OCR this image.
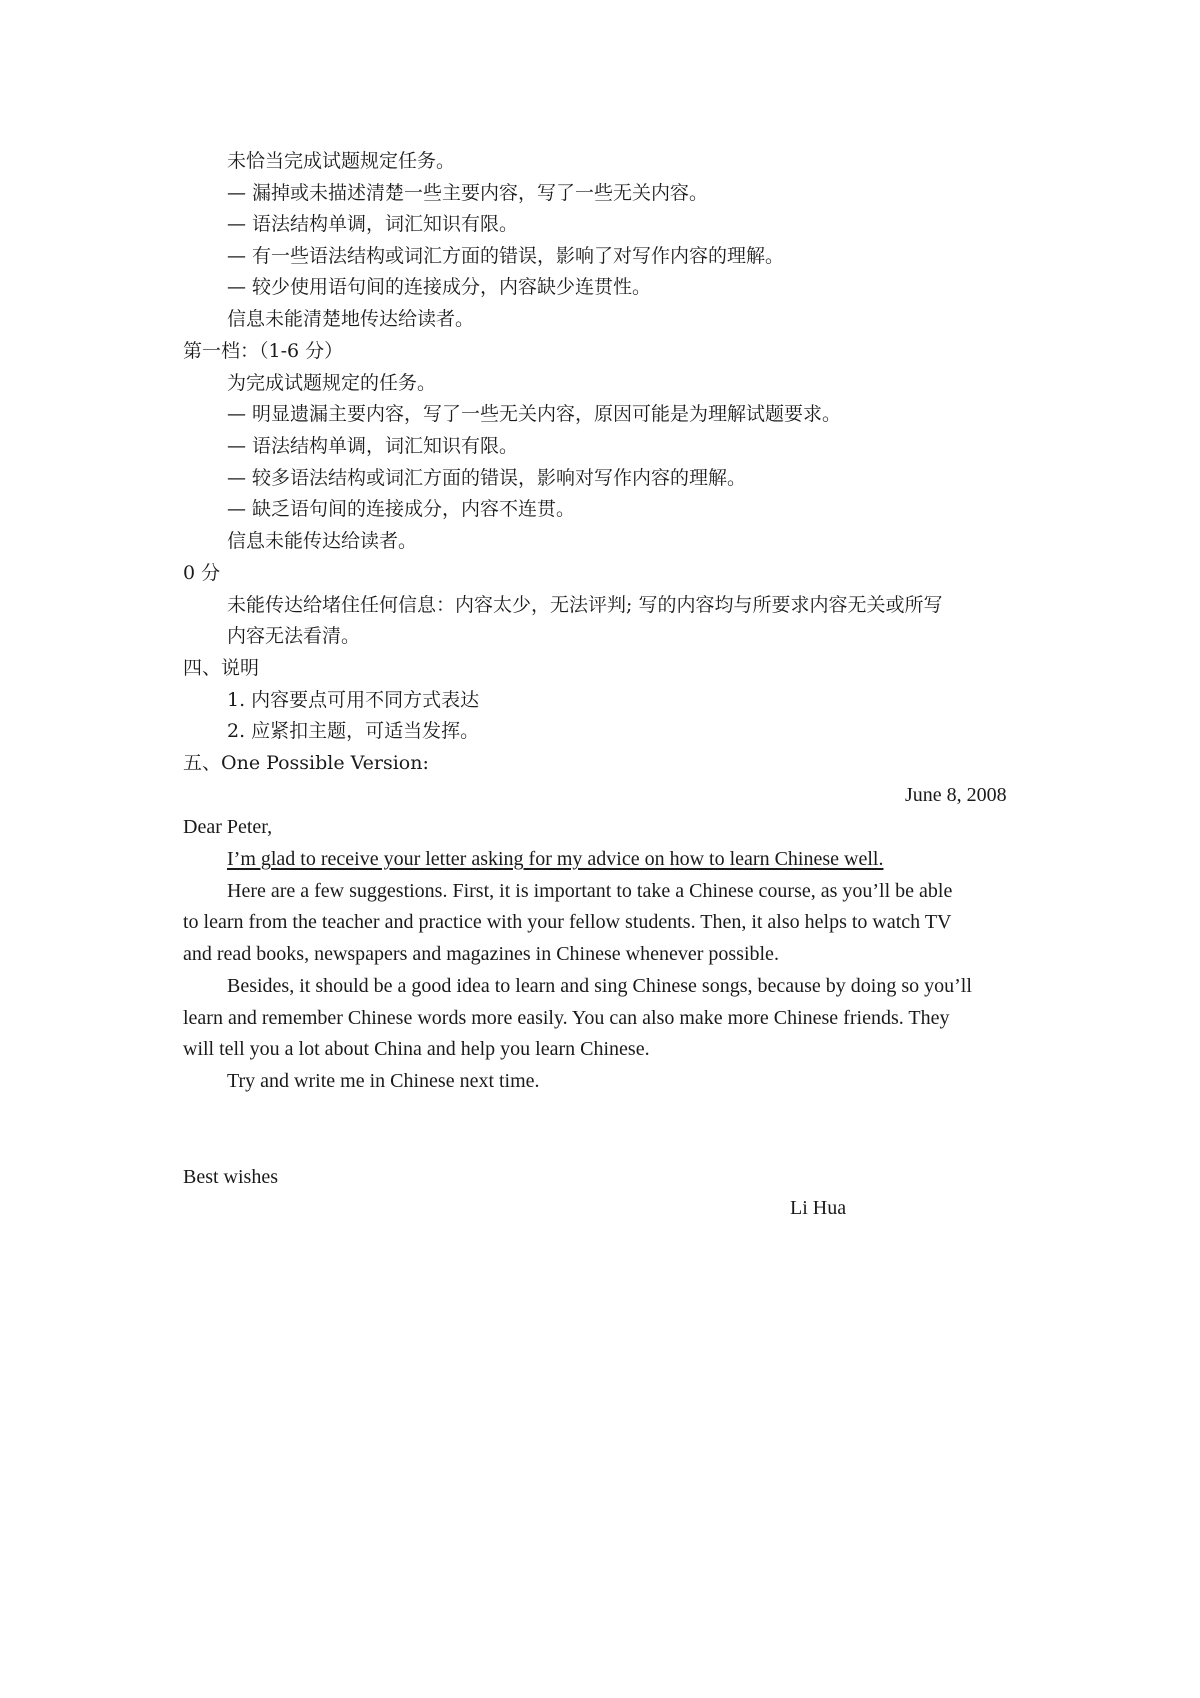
未恰当完成试题规定任务。
— 漏掉或未描述清楚一些主要内容，写了一些无关内容。
— 语法结构单调，词汇知识有限。
— 有一些语法结构或词汇方面的错误，影响了对写作内容的理解。
— 较少使用语句间的连接成分，内容缺少连贯性。
信息未能清楚地传达给读者。
第一档：（1-6 分）
为完成试题规定的任务。
— 明显遗漏主要内容，写了一些无关内容，原因可能是为理解试题要求。
— 语法结构单调，词汇知识有限。
— 较多语法结构或词汇方面的错误，影响对写作内容的理解。
— 缺乏语句间的连接成分，内容不连贯。
信息未能传达给读者。
0 分
未能传达给堵住任何信息：内容太少，无法评判; 写的内容均与所要求内容无关或所写
内容无法看清。
四、说明
1. 内容要点可用不同方式表达
2. 应紧扣主题，可适当发挥。
五、One Possible Version:
June 8, 2008
Dear Peter,
I’m glad to receive your letter asking for my advice on how to learn Chinese well.
Here are a few suggestions. First, it is important to take a Chinese course, as you’ll be able
to learn from the teacher and practice with your fellow students. Then, it also helps to watch TV
and read books, newspapers and magazines in Chinese whenever possible.
Besides, it should be a good idea to learn and sing Chinese songs, because by doing so you’ll
learn and remember Chinese words more easily. You can also make more Chinese friends. They
will tell you a lot about China and help you learn Chinese.
Try and write me in Chinese next time.
Best wishes
Li Hua
